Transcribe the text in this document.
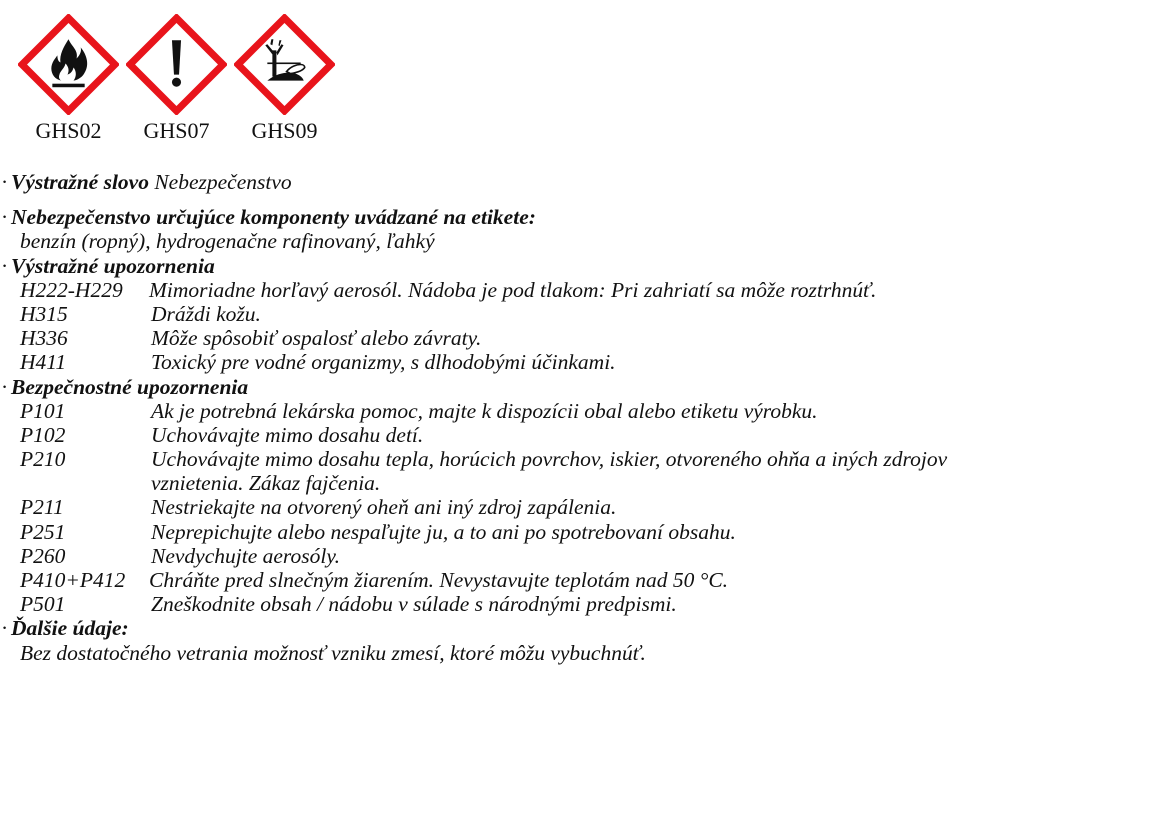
GHS02 GHS07 GHS09
· Výstražné slovo Nebezpečenstvo
· Nebezpečenstvo určujúce komponenty uvádzané na etikete:
benzín (ropný), hydrogenačne rafinovaný, ľahký
· Výstražné upozornenia
H222-H229 Mimoriadne horľavý aerosól. Nádoba je pod tlakom: Pri zahriatí sa môže roztrhnúť.
H315	Dráždi kožu.
H336	Môže spôsobiť ospalosť alebo závraty.
H411	Toxický pre vodné organizmy, s dlhodobými účinkami.
· Bezpečnostné upozornenia
P101	Ak je potrebná lekárska pomoc, majte k dispozícii obal alebo etiketu výrobku.
P102	Uchovávajte mimo dosahu detí.
P210	Uchovávajte mimo dosahu tepla, horúcich povrchov, iskier, otvoreného ohňa a iných zdrojov
vznietenia. Zákaz fajčenia.
P211	Nestriekajte na otvorený oheň ani iný zdroj zapálenia.
P251	Neprepichujte alebo nespaľujte ju, a to ani po spotrebovaní obsahu.
P260	Nevdychujte aerosóly.
P410+P412 Chráňte pred slnečným žiarením. Nevystavujte teplotám nad 50 °C.
P501	Zneškodnite obsah / nádobu v súlade s národnými predpismi.
· Ďalšie údaje:
Bez dostatočného vetrania možnosť vzniku zmesí, ktoré môžu vybuchnúť.
